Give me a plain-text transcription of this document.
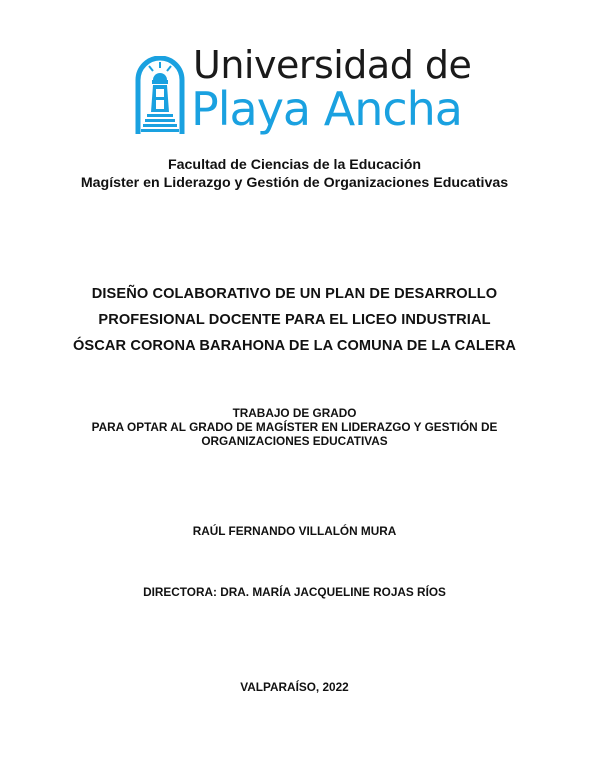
Universidad de
Playa Ancha
Facultad de Ciencias de la Educación
Magíster en Liderazgo y Gestión de Organizaciones Educativas
DISEÑO COLABORATIVO DE UN PLAN DE DESARROLLO
PROFESIONAL DOCENTE PARA EL LICEO INDUSTRIAL
ÓSCAR CORONA BARAHONA DE LA COMUNA DE LA CALERA
TRABAJO DE GRADO
PARA OPTAR AL GRADO DE MAGÍSTER EN LIDERAZGO Y GESTIÓN DE
ORGANIZACIONES EDUCATIVAS
RAÚL FERNANDO VILLALÓN MURA
DIRECTORA: DRA. MARÍA JACQUELINE ROJAS RÍOS
VALPARAÍSO, 2022
